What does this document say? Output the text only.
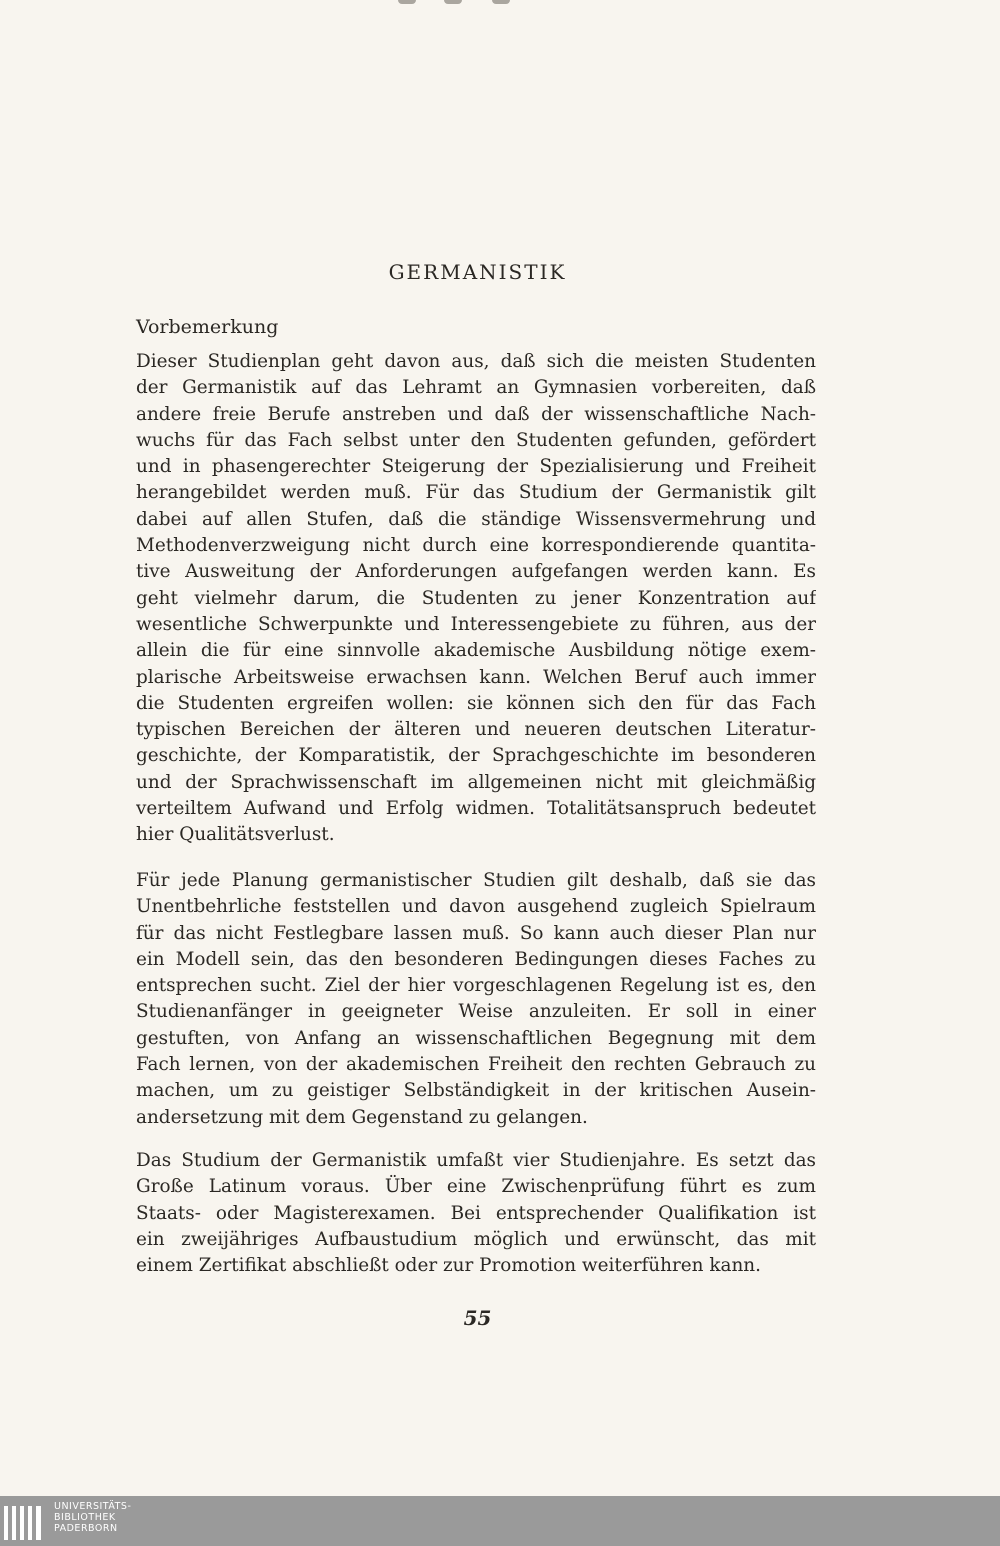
GERMANISTIK
Vorbemerkung
Dieser Studienplan geht davon aus, daß sich die meisten Studenten
der Germanistik auf das Lehramt an Gymnasien vorbereiten, daß
andere freie Berufe anstreben und daß der wissenschaftliche Nach-
wuchs für das Fach selbst unter den Studenten gefunden, gefördert
und in phasengerechter Steigerung der Spezialisierung und Freiheit
herangebildet werden muß. Für das Studium der Germanistik gilt
dabei auf allen Stufen, daß die ständige Wissensvermehrung und
Methodenverzweigung nicht durch eine korrespondierende quantita-
tive Ausweitung der Anforderungen aufgefangen werden kann. Es
geht vielmehr darum, die Studenten zu jener Konzentration auf
wesentliche Schwerpunkte und Interessengebiete zu führen, aus der
allein die für eine sinnvolle akademische Ausbildung nötige exem-
plarische Arbeitsweise erwachsen kann. Welchen Beruf auch immer
die Studenten ergreifen wollen: sie können sich den für das Fach
typischen Bereichen der älteren und neueren deutschen Literatur-
geschichte, der Komparatistik, der Sprachgeschichte im besonderen
und der Sprachwissenschaft im allgemeinen nicht mit gleichmäßig
verteiltem Aufwand und Erfolg widmen. Totalitätsanspruch bedeutet
hier Qualitätsverlust.
Für jede Planung germanistischer Studien gilt deshalb, daß sie das
Unentbehrliche feststellen und davon ausgehend zugleich Spielraum
für das nicht Festlegbare lassen muß. So kann auch dieser Plan nur
ein Modell sein, das den besonderen Bedingungen dieses Faches zu
entsprechen sucht. Ziel der hier vorgeschlagenen Regelung ist es, den
Studienanfänger in geeigneter Weise anzuleiten. Er soll in einer
gestuften, von Anfang an wissenschaftlichen Begegnung mit dem
Fach lernen, von der akademischen Freiheit den rechten Gebrauch zu
machen, um zu geistiger Selbständigkeit in der kritischen Ausein-
andersetzung mit dem Gegenstand zu gelangen.
Das Studium der Germanistik umfaßt vier Studienjahre. Es setzt das
Große Latinum voraus. Über eine Zwischenprüfung führt es zum
Staats- oder Magisterexamen. Bei entsprechender Qualifikation ist
ein zweijähriges Aufbaustudium möglich und erwünscht, das mit
einem Zertifikat abschließt oder zur Promotion weiterführen kann.
55
UNIVERSITÄTS-
BIBLIOTHEK
PADERBORN
